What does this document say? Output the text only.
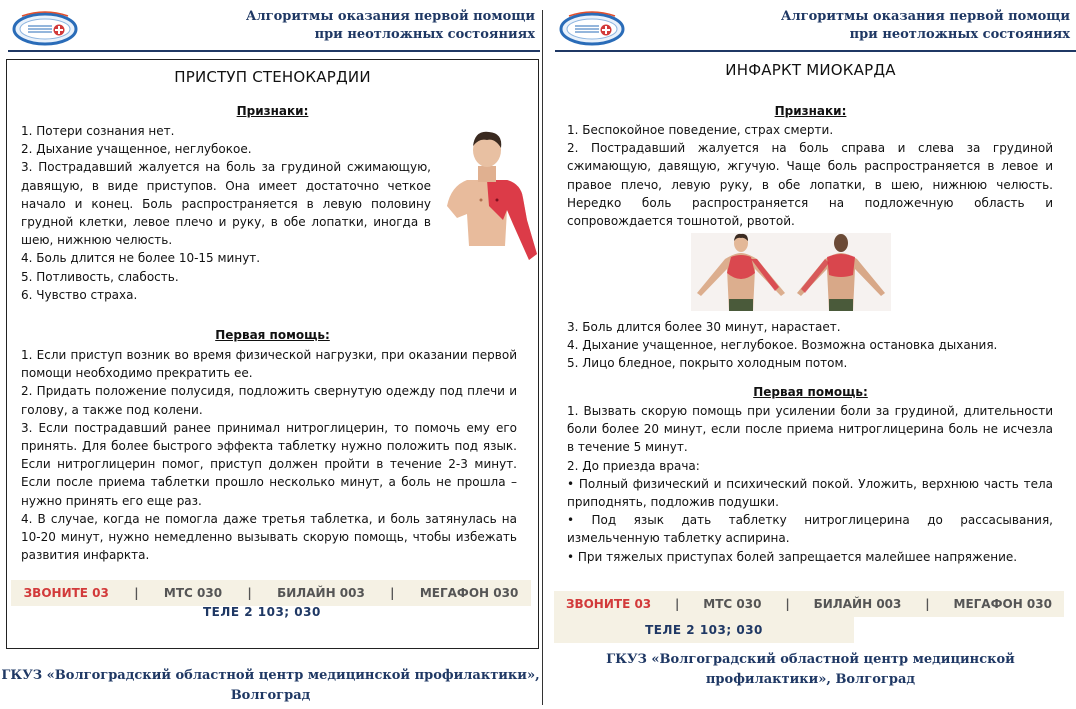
Алгоритмы оказания первой помощи
при неотложных состояниях
ПРИСТУП СТЕНОКАРДИИ
Признаки:

1. Потери сознания нет.

2. Дыхание учащенное, неглубокое.

3. Пострадавший жалуется на боль за грудиной сжимающую, давящую, в виде приступов. Она имеет достаточно четкое начало и конец. Боль распространяется в левую половину грудной клетки, левое плечо и руку, в обе лопатки, иногда в шею, нижнюю челюсть.

4. Боль длится не более 10-15 минут.

5. Потливость, слабость.

6. Чувство страха.

Первая помощь:

1. Если приступ возник во время физической нагрузки, при оказании первой помощи необходимо прекратить ее.

2. Придать положение полусидя, подложить свернутую одежду под плечи и голову, а также под колени.

3. Если пострадавший ранее принимал нитроглицерин, то помочь ему его принять. Для более быстрого эффекта таблетку нужно положить под язык. Если нитроглицерин помог, приступ должен пройти в течение 2-3 минут. Если после приема таблетки прошло несколько минут, а боль не прошла – нужно принять его еще раз.

4. В случае, когда не помогла даже третья таблетка, и боль затянулась на 10-20 минут, нужно немедленно вызывать скорую помощь, чтобы избежать развития инфаркта.

ЗВОНИТЕ 03 | МТС 030 | БИЛАЙН 003 | МЕГАФОН 030
ТЕЛЕ 2 103; 030
ГКУЗ «Волгоградский областной центр медицинской профилактики»,
Волгоград
Алгоритмы оказания первой помощи
при неотложных состояниях
ИНФАРКТ МИОКАРДА
Признаки:

1. Беспокойное поведение, страх смерти.

2. Пострадавший жалуется на боль справа и слева за грудиной сжимающую, давящую, жгучую. Чаще боль распространяется в левое и правое плечо, левую руку, в обе лопатки, в шею, нижнюю челюсть. Нередко боль распространяется на подложечную область и сопровождается тошнотой, рвотой.

3. Боль длится более 30 минут, нарастает.

4. Дыхание учащенное, неглубокое. Возможна остановка дыхания.

5. Лицо бледное, покрыто холодным потом.

Первая помощь:

1. Вызвать скорую помощь при усилении боли за грудиной, длительности боли более 20 минут, если после приема нитроглицерина боль не исчезла в течение 5 минут.

2. До приезда врача:

• Полный физический и психический покой. Уложить, верхнюю часть тела приподнять, подложив подушки.

• Под язык дать таблетку нитроглицерина до рассасывания, измельченную таблетку аспирина.

• При тяжелых приступах болей запрещается малейшее напряжение.

ЗВОНИТЕ 03 | МТС 030 | БИЛАЙН 003 | МЕГАФОН 030
ТЕЛЕ 2 103; 030
ГКУЗ «Волгоградский областной центр медицинской
профилактики», Волгоград
